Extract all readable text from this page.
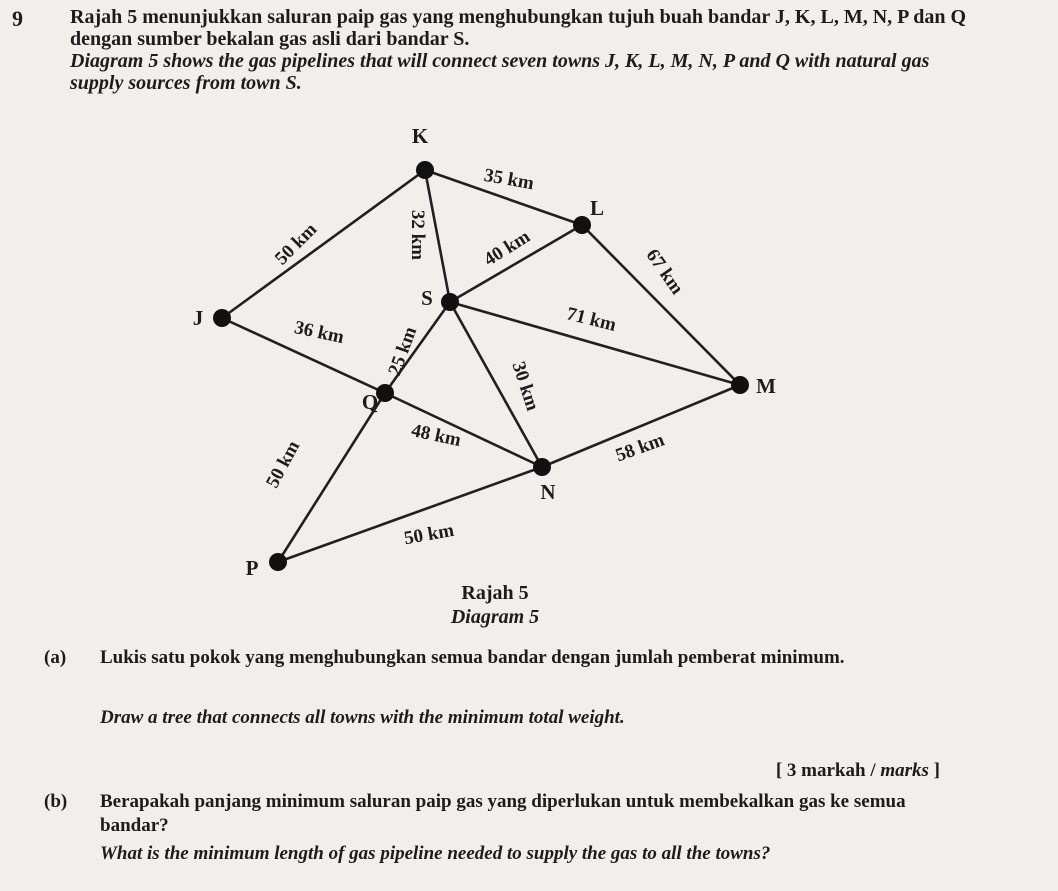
9 Rajah 5 menunjukkan saluran paip gas yang menghubungkan tujuh buah bandar J, K, L, M, N, P dan Q dengan sumber bekalan gas asli dari bandar S.

Diagram 5 shows the gas pipelines that will connect seven towns J, K, L, M, N, P and Q with natural gas supply sources from town S.

50 km
35 km
32 km	40 km	67 km
71 km
36 km 25 km
30 km
48 km	58 km
50 km
50 km
K
L
S
J
Q
M
N
P
Rajah 5
Diagram 5
(a) Lukis satu pokok yang menghubungkan semua bandar dengan jumlah pemberat minimum.
Draw a tree that connects all towns with the minimum total weight.
[ 3 markah / marks ]
(b) Berapakah panjang minimum saluran paip gas yang diperlukan untuk membekalkan gas ke semua bandar?
What is the minimum length of gas pipeline needed to supply the gas to all the towns?
